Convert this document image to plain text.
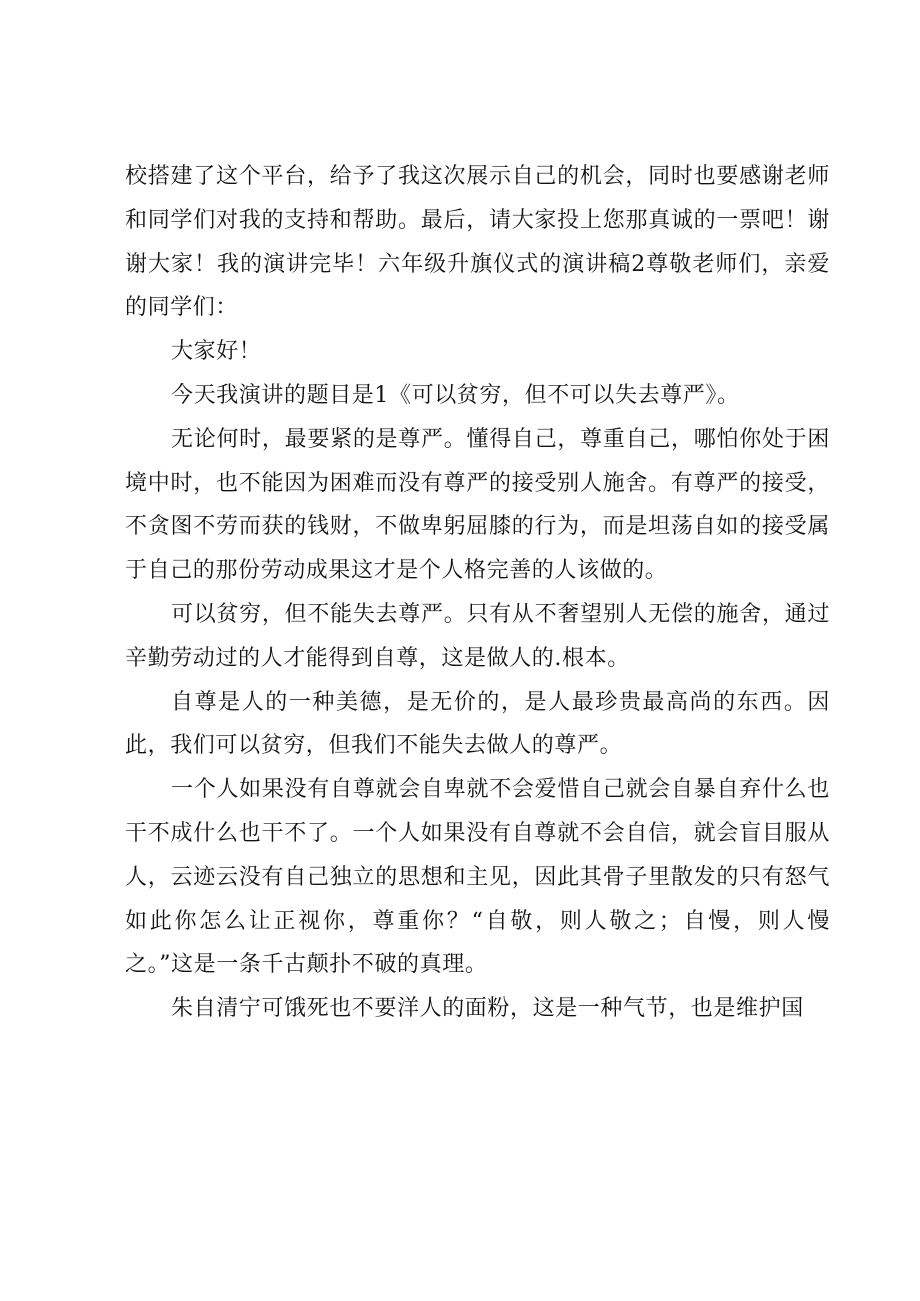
校搭建了这个平台，给予了我这次展示自己的机会，同时也要感谢老师和同学们对我的支持和帮助。最后，请大家投上您那真诚的一票吧！谢谢大家！我的演讲完毕！六年级升旗仪式的演讲稿2尊敬老师们，亲爱的同学们：

大家好！

今天我演讲的题目是1《可以贫穷，但不可以失去尊严》。

无论何时，最要紧的是尊严。懂得自己，尊重自己，哪怕你处于困境中时，也不能因为困难而没有尊严的接受别人施舍。有尊严的接受，不贪图不劳而获的钱财，不做卑躬屈膝的行为，而是坦荡自如的接受属于自己的那份劳动成果这才是个人格完善的人该做的。

可以贫穷，但不能失去尊严。只有从不奢望别人无偿的施舍，通过辛勤劳动过的人才能得到自尊，这是做人的.根本。

自尊是人的一种美德，是无价的，是人最珍贵最高尚的东西。因此，我们可以贫穷，但我们不能失去做人的尊严。

一个人如果没有自尊就会自卑就不会爱惜自己就会自暴自弃什么也干不成什么也干不了。一个人如果没有自尊就不会自信，就会盲目服从人，云迹云没有自己独立的思想和主见，因此其骨子里散发的只有怒气如此你怎么让正视你，尊重你？“自敬，则人敬之；自慢，则人慢之。”这是一条千古颠扑不破的真理。

朱自清宁可饿死也不要洋人的面粉，这是一种气节，也是维护国
